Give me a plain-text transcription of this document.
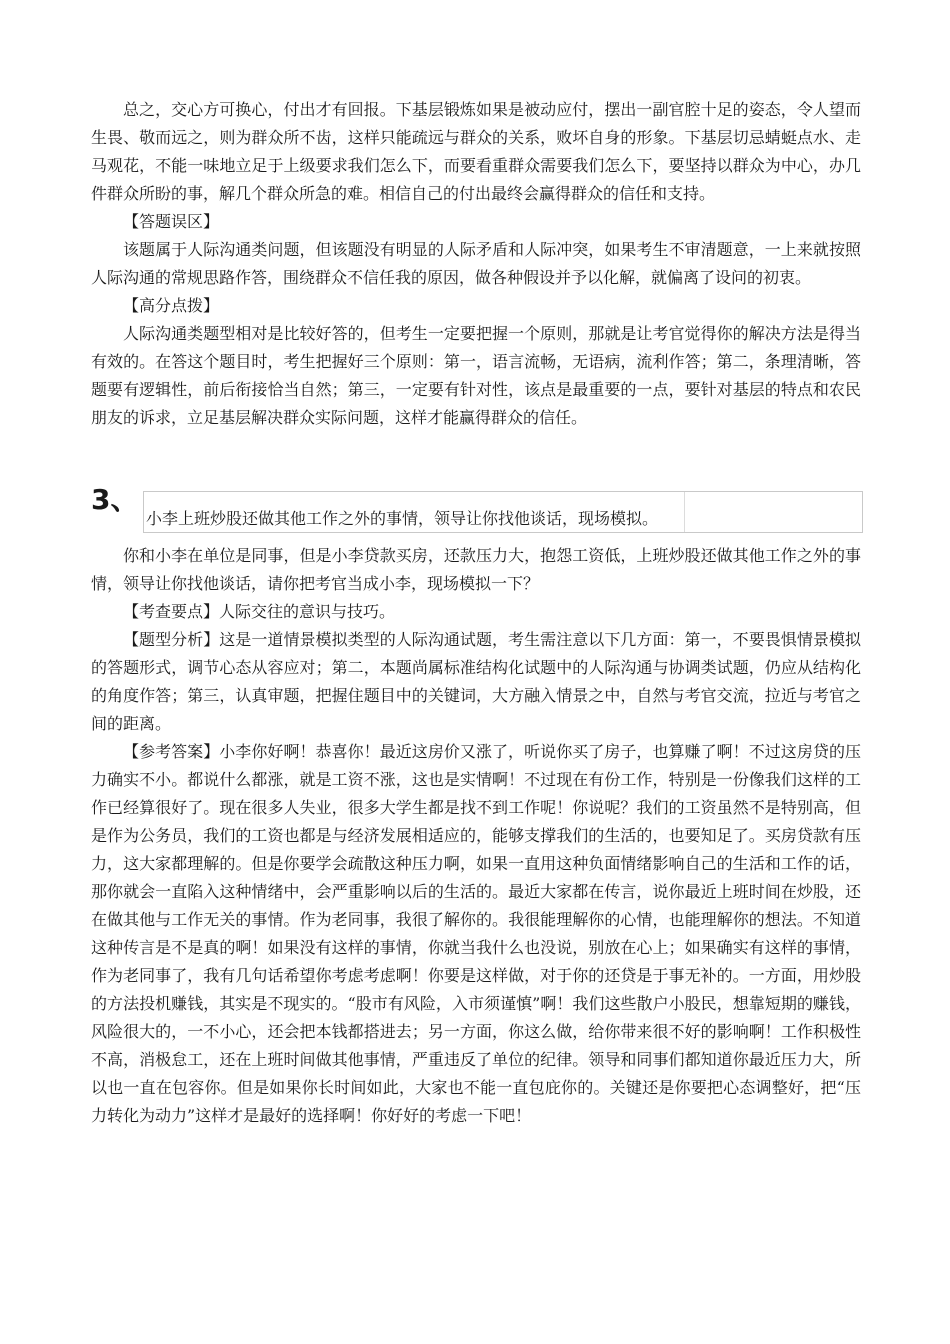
总之，交心方可换心，付出才有回报。下基层锻炼如果是被动应付，摆出一副官腔十足的姿态，令人望而生畏、敬而远之，则为群众所不齿，这样只能疏远与群众的关系，败坏自身的形象。下基层切忌蜻蜓点水、走马观花，不能一味地立足于上级要求我们怎么下，而要看重群众需要我们怎么下，要坚持以群众为中心，办几件群众所盼的事，解几个群众所急的难。相信自己的付出最终会赢得群众的信任和支持。

【答题误区】

该题属于人际沟通类问题，但该题没有明显的人际矛盾和人际冲突，如果考生不审清题意，一上来就按照人际沟通的常规思路作答，围绕群众不信任我的原因，做各种假设并予以化解，就偏离了设问的初衷。

【高分点拨】

人际沟通类题型相对是比较好答的，但考生一定要把握一个原则，那就是让考官觉得你的解决方法是得当有效的。在答这个题目时，考生把握好三个原则：第一，语言流畅，无语病，流利作答；第二，条理清晰，答题要有逻辑性，前后衔接恰当自然；第三，一定要有针对性，该点是最重要的一点，要针对基层的特点和农民朋友的诉求，立足基层解决群众实际问题，这样才能赢得群众的信任。

3、
小李上班炒股还做其他工作之外的事情，领导让你找他谈话，现场模拟。

你和小李在单位是同事，但是小李贷款买房，还款压力大，抱怨工资低，上班炒股还做其他工作之外的事情，领导让你找他谈话，请你把考官当成小李，现场模拟一下？

【考查要点】人际交往的意识与技巧。

【题型分析】这是一道情景模拟类型的人际沟通试题，考生需注意以下几方面：第一，不要畏惧情景模拟的答题形式，调节心态从容应对；第二，本题尚属标准结构化试题中的人际沟通与协调类试题，仍应从结构化的角度作答；第三，认真审题，把握住题目中的关键词，大方融入情景之中，自然与考官交流，拉近与考官之间的距离。

【参考答案】小李你好啊！恭喜你！最近这房价又涨了，听说你买了房子，也算赚了啊！不过这房贷的压力确实不小。都说什么都涨，就是工资不涨，这也是实情啊！不过现在有份工作，特别是一份像我们这样的工作已经算很好了。现在很多人失业，很多大学生都是找不到工作呢！你说呢？我们的工资虽然不是特别高，但是作为公务员，我们的工资也都是与经济发展相适应的，能够支撑我们的生活的，也要知足了。买房贷款有压力，这大家都理解的。但是你要学会疏散这种压力啊，如果一直用这种负面情绪影响自己的生活和工作的话，那你就会一直陷入这种情绪中，会严重影响以后的生活的。最近大家都在传言，说你最近上班时间在炒股，还在做其他与工作无关的事情。作为老同事，我很了解你的。我很能理解你的心情，也能理解你的想法。不知道这种传言是不是真的啊！如果没有这样的事情，你就当我什么也没说，别放在心上；如果确实有这样的事情，作为老同事了，我有几句话希望你考虑考虑啊！你要是这样做，对于你的还贷是于事无补的。一方面，用炒股的方法投机赚钱，其实是不现实的。“股市有风险，入市须谨慎”啊！我们这些散户小股民，想靠短期的赚钱，风险很大的，一不小心，还会把本钱都搭进去；另一方面，你这么做，给你带来很不好的影响啊！工作积极性不高，消极怠工，还在上班时间做其他事情，严重违反了单位的纪律。领导和同事们都知道你最近压力大，所以也一直在包容你。但是如果你长时间如此，大家也不能一直包庇你的。关键还是你要把心态调整好，把“压力转化为动力”这样才是最好的选择啊！你好好的考虑一下吧！
